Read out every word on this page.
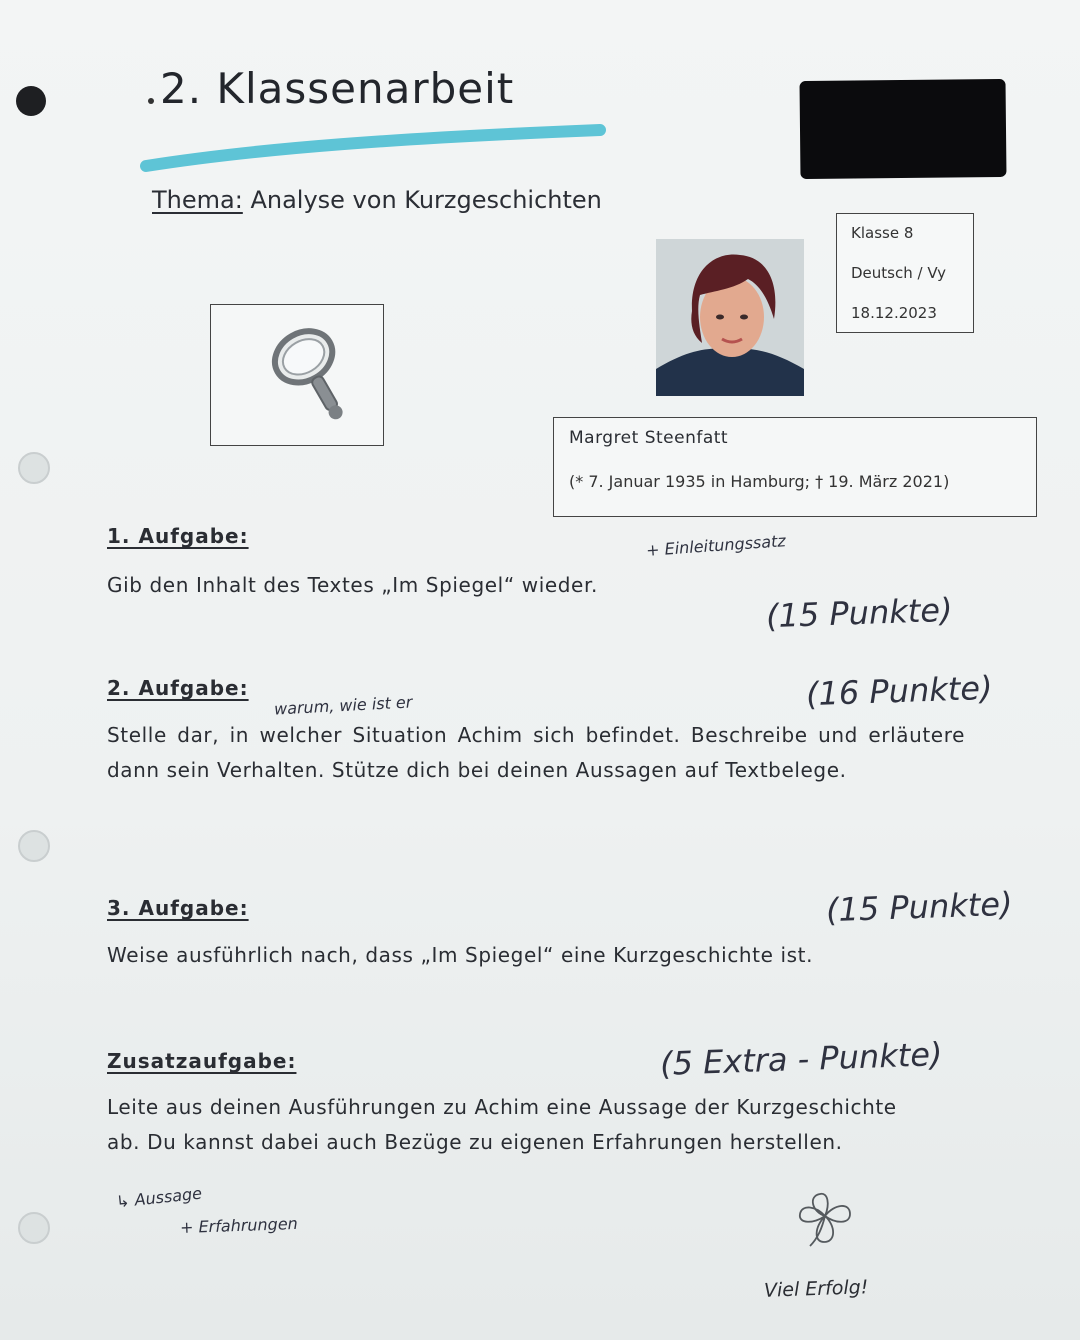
2. Klassenarbeit
Thema: Analyse von Kurzgeschichten
Klasse 8
Deutsch / Vy
18.12.2023
Margret Steenfatt
(* 7. Januar 1935 in Hamburg; † 19. März 2021)
1. Aufgabe:	+ Einleitungssatz
Gib den Inhalt des Textes „Im Spiegel“ wieder.
(15 Punkte)
2. Aufgabe:	(16 Punkte)
warum, wie ist er
Stelle dar, in welcher Situation Achim sich befindet. Beschreibe und erläutere dann sein Verhalten. Stütze dich bei deinen Aussagen auf Textbelege.
(15 Punkte)
3. Aufgabe:
Weise ausführlich nach, dass „Im Spiegel“ eine Kurzgeschichte ist.
(5 Extra - Punkte)
Zusatzaufgabe:
Leite aus deinen Ausführungen zu Achim eine Aussage der Kurzgeschichte
ab. Du kannst dabei auch Bezüge zu eigenen Erfahrungen herstellen.
↳ Aussage
+ Erfahrungen
Viel Erfolg!
